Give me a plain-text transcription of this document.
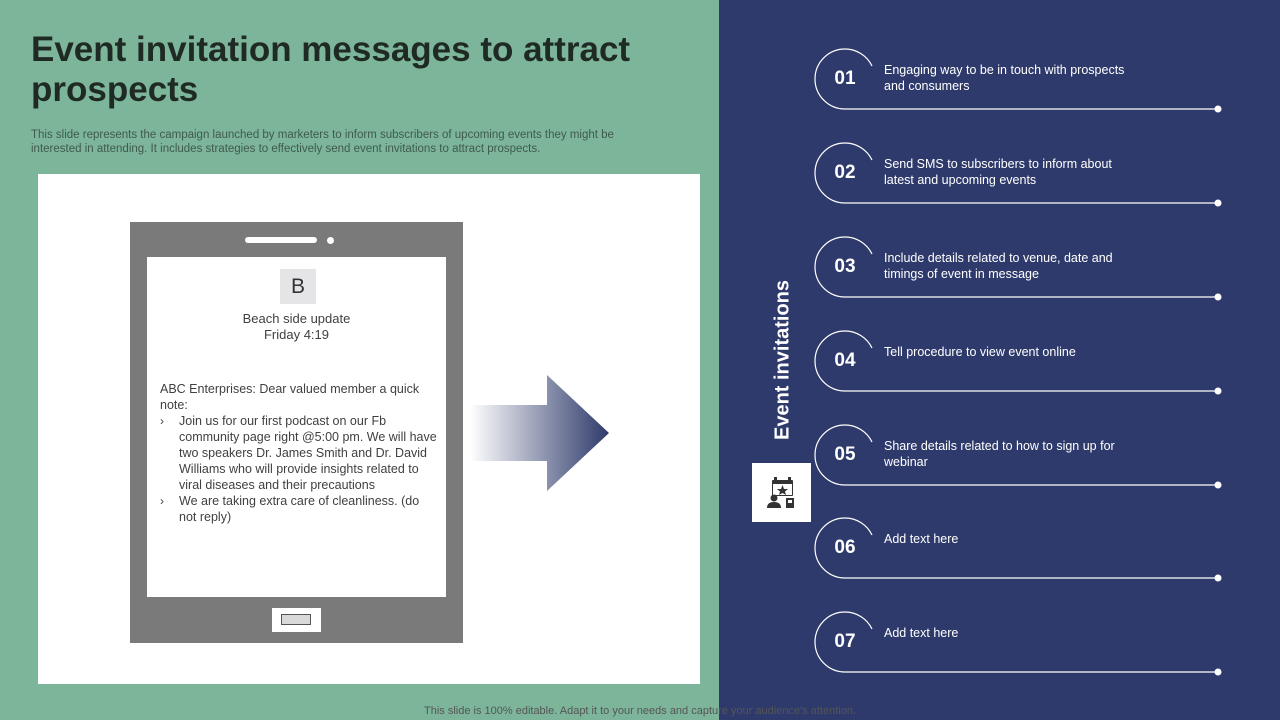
Event invitation messages to attract prospects

This slide represents the campaign launched by marketers to inform subscribers of upcoming events they might be interested in attending. It includes strategies to effectively send event invitations to attract prospects.

B
Beach side update
Friday 4:19

ABC Enterprises: Dear valued member a quick note:

› Join us for our first podcast on our Fb community page right @5:00 pm. We will have two speakers Dr. James Smith and Dr. David Williams who will provide insights related to viral diseases and their precautions

› We are taking extra care of cleanliness. (do not reply)

Event invitations
01	Engaging way to be in touch with prospects and consumers
02	Send SMS to subscribers to inform about latest and upcoming events
03	Include details related to venue, date and timings of event in message
04	Tell procedure to view event online
05	Share details related to how to sign up for webinar
06	Add text here
07	Add text here
This slide is 100% editable. Adapt it to your needs and capture your audience's attention.
